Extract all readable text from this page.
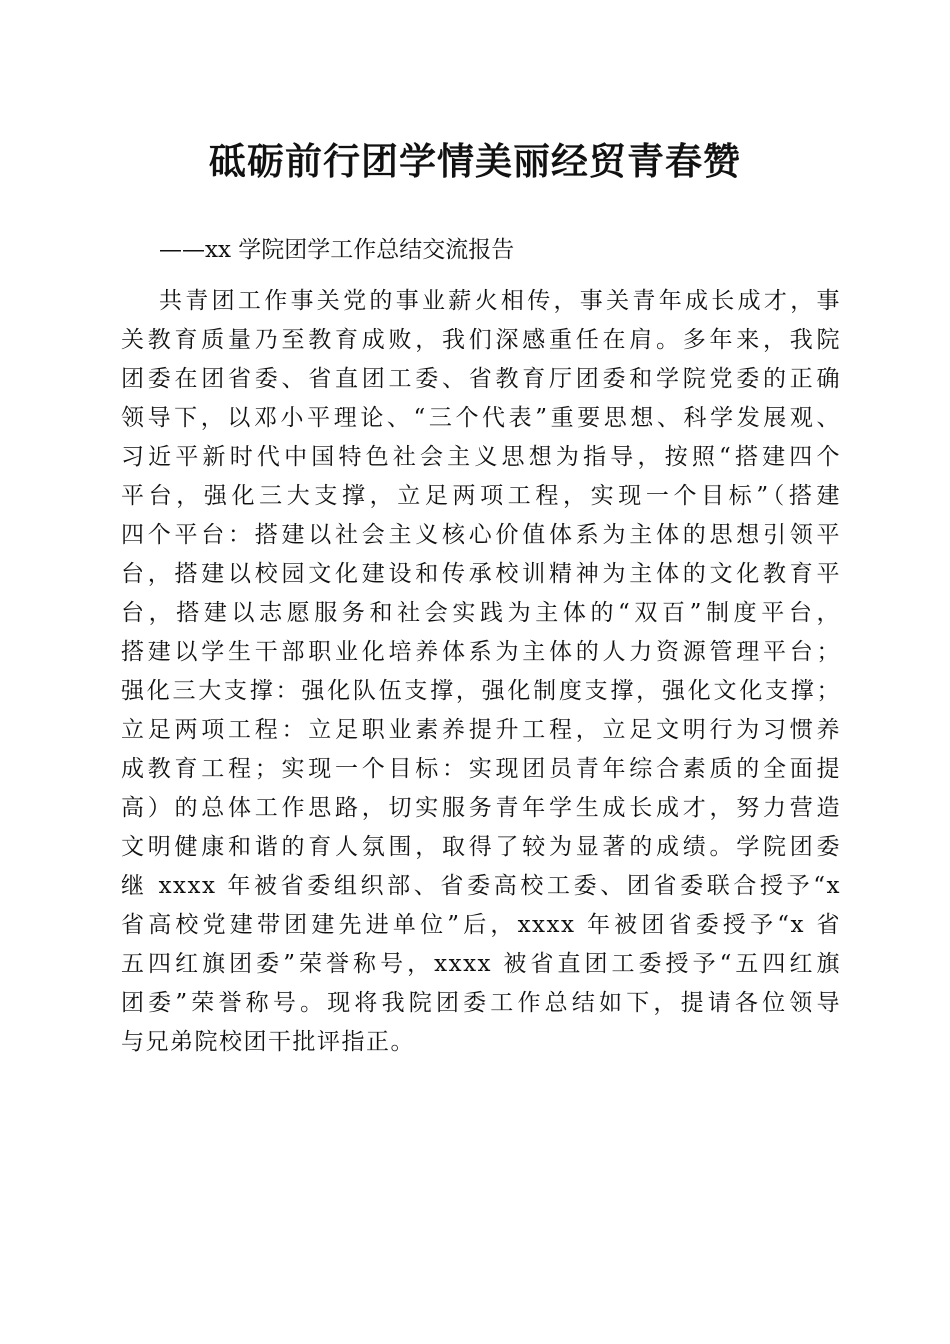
砥砺前行团学情美丽经贸青春赞

——xx 学院团学工作总结交流报告

共青团工作事关党的事业薪火相传，事关青年成长成才，事
关教育质量乃至教育成败，我们深感重任在肩。多年来，我院
团委在团省委、省直团工委、省教育厅团委和学院党委的正确
领导下，以邓小平理论、“三个代表”重要思想、科学发展观、
习近平新时代中国特色社会主义思想为指导，按照“搭建四个
平台，强化三大支撑，立足两项工程，实现一个目标”（搭建
四个平台：搭建以社会主义核心价值体系为主体的思想引领平
台，搭建以校园文化建设和传承校训精神为主体的文化教育平
台，搭建以志愿服务和社会实践为主体的“双百”制度平台，
搭建以学生干部职业化培养体系为主体的人力资源管理平台；
强化三大支撑：强化队伍支撑，强化制度支撑，强化文化支撑；
立足两项工程：立足职业素养提升工程，立足文明行为习惯养
成教育工程；实现一个目标：实现团员青年综合素质的全面提
高）的总体工作思路，切实服务青年学生成长成才，努力营造
文明健康和谐的育人氛围，取得了较为显著的成绩。学院团委
继 xxxx 年被省委组织部、省委高校工委、团省委联合授予“x
省高校党建带团建先进单位”后，xxxx 年被团省委授予“x 省
五四红旗团委”荣誉称号，xxxx 被省直团工委授予“五四红旗
团委”荣誉称号。现将我院团委工作总结如下，提请各位领导
与兄弟院校团干批评指正。
